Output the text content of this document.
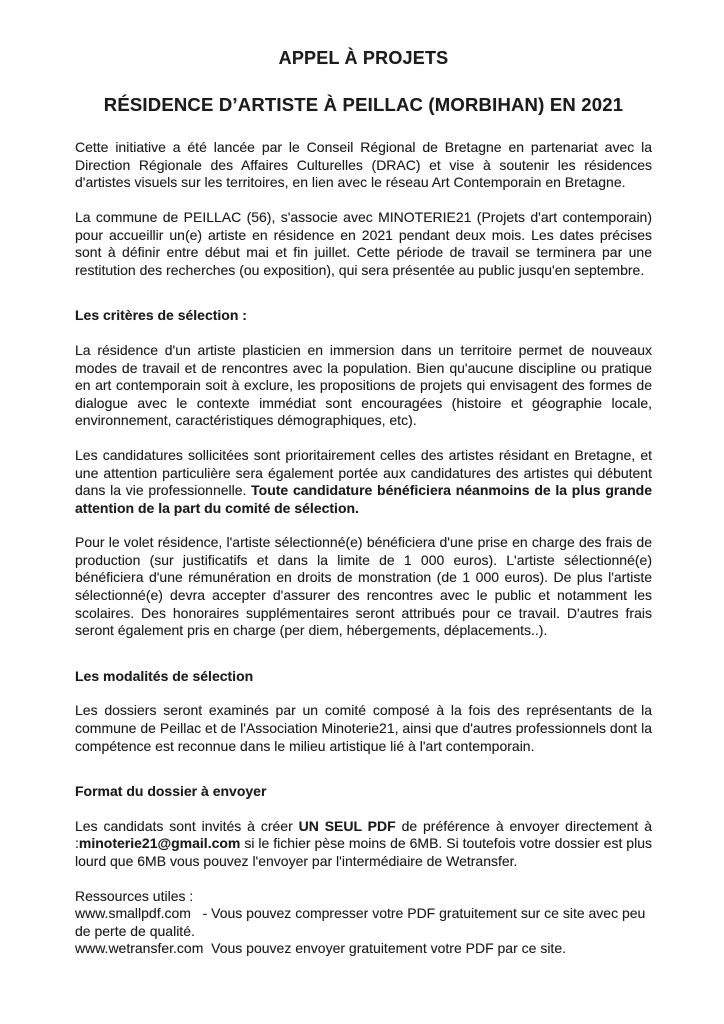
APPEL À PROJETS
RÉSIDENCE D’ARTISTE À PEILLAC (MORBIHAN) EN 2021

Cette initiative a été lancée par le Conseil Régional de Bretagne en partenariat avec la Direction Régionale des Affaires Culturelles (DRAC) et vise à soutenir les résidences d'artistes visuels sur les territoires, en lien avec le réseau Art Contemporain en Bretagne.

La commune de PEILLAC (56), s'associe avec MINOTERIE21 (Projets d'art contemporain) pour accueillir un(e) artiste en résidence en 2021 pendant deux mois. Les dates précises sont à définir entre début mai et fin juillet. Cette période de travail se terminera par une restitution des recherches (ou exposition), qui sera présentée au public jusqu'en septembre.

Les critères de sélection :

La résidence d'un artiste plasticien en immersion dans un territoire permet de nouveaux modes de travail et de rencontres avec la population. Bien qu'aucune discipline ou pratique en art contemporain soit à exclure, les propositions de projets qui envisagent des formes de dialogue avec le contexte immédiat sont encouragées (histoire et géographie locale, environnement, caractéristiques démographiques, etc).

Les candidatures sollicitées sont prioritairement celles des artistes résidant en Bretagne, et une attention particulière sera également portée aux candidatures des artistes qui débutent dans la vie professionnelle. Toute candidature bénéficiera néanmoins de la plus grande attention de la part du comité de sélection.

Pour le volet résidence, l'artiste sélectionné(e) bénéficiera d'une prise en charge des frais de production (sur justificatifs et dans la limite de 1 000 euros). L'artiste sélectionné(e) bénéficiera d'une rémunération en droits de monstration (de 1 000 euros). De plus l'artiste sélectionné(e) devra accepter d'assurer des rencontres avec le public et notamment les scolaires. Des honoraires supplémentaires seront attribués pour ce travail. D'autres frais seront également pris en charge (per diem, hébergements, déplacements..).

Les modalités de sélection

Les dossiers seront examinés par un comité composé à la fois des représentants de la commune de Peillac et de l'Association Minoterie21, ainsi que d'autres professionnels dont la compétence est reconnue dans le milieu artistique lié à l'art contemporain.

Format du dossier à envoyer

Les candidats sont invités à créer UN SEUL PDF de préférence à envoyer directement à :minoterie21@gmail.com si le fichier pèse moins de 6MB. Si toutefois votre dossier est plus lourd que 6MB vous pouvez l'envoyer par l'intermédiaire de Wetransfer.

Ressources utiles :

www.smallpdf.com   - Vous pouvez compresser votre PDF gratuitement sur ce site avec peu de perte de qualité.

www.wetransfer.com  Vous pouvez envoyer gratuitement votre PDF par ce site.
